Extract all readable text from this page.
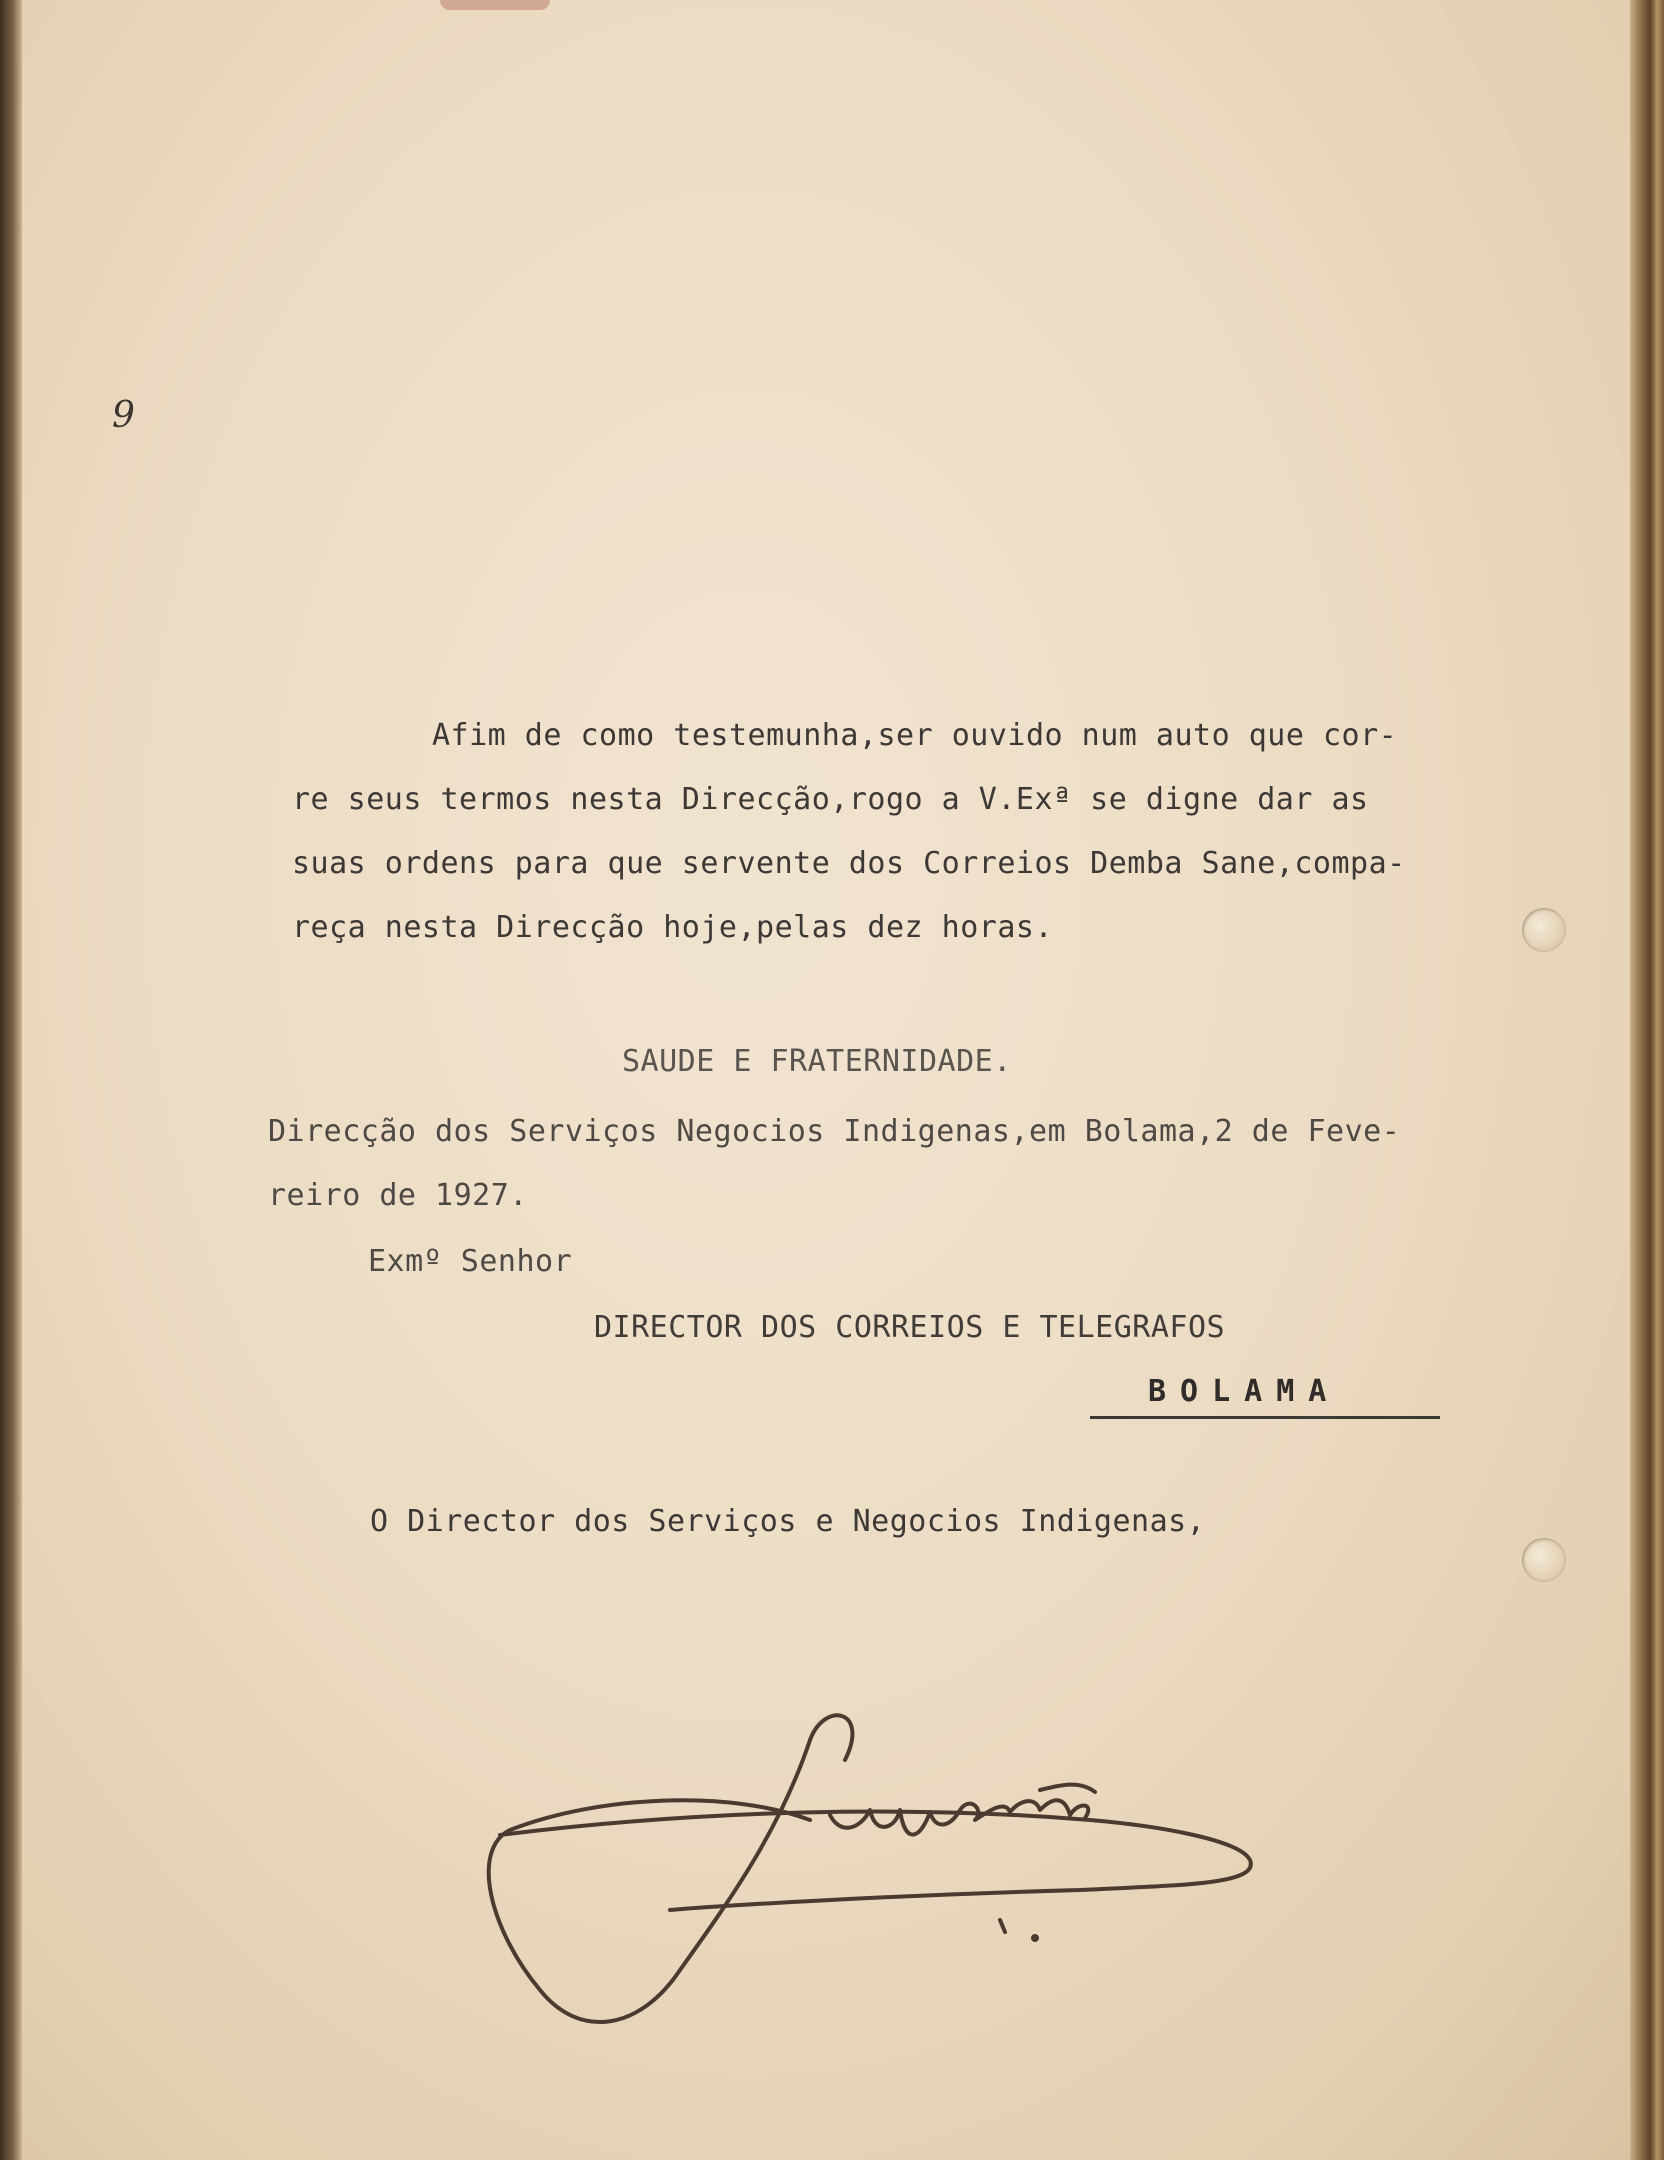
9
Afim de como testemunha,ser ouvido num auto que cor-
re seus termos nesta Direcção,rogo a V.Exª se digne dar as
suas ordens para que servente dos Correios Demba Sane,compa-
reça nesta Direcção hoje,pelas dez horas.
SAUDE E FRATERNIDADE.
Direcção dos Serviços Negocios Indigenas,em Bolama,2 de Feve-
reiro de 1927.
Exmº Senhor
DIRECTOR DOS CORREIOS E TELEGRAFOS
BOLAMA
O Director dos Serviços e Negocios Indigenas,
